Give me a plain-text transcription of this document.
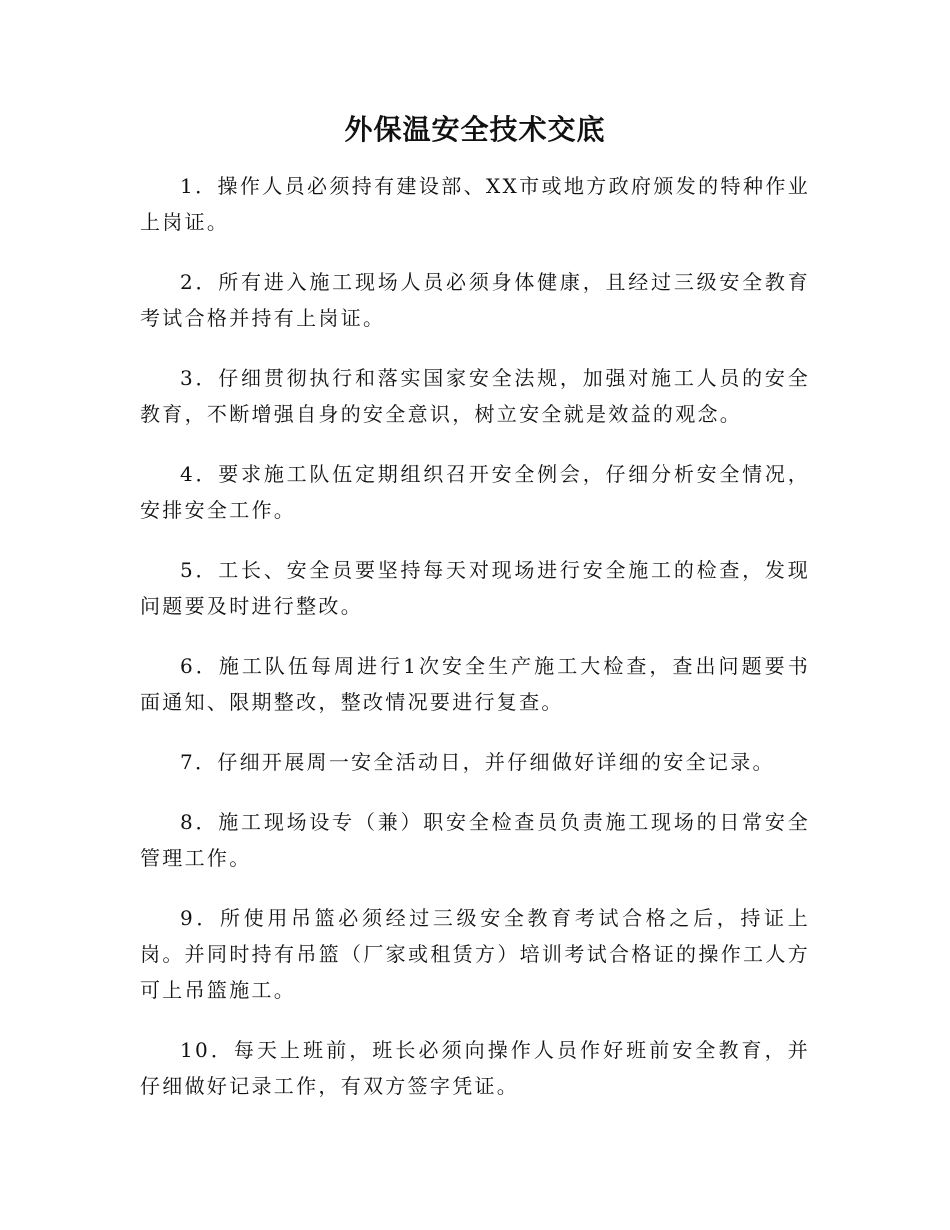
外保温安全技术交底

1．操作人员必须持有建设部、XX市或地方政府颁发的特种作业上岗证。

2．所有进入施工现场人员必须身体健康，且经过三级安全教育考试合格并持有上岗证。

3．仔细贯彻执行和落实国家安全法规，加强对施工人员的安全教育，不断增强自身的安全意识，树立安全就是效益的观念。

4．要求施工队伍定期组织召开安全例会，仔细分析安全情况，安排安全工作。

5．工长、安全员要坚持每天对现场进行安全施工的检查，发现问题要及时进行整改。

6．施工队伍每周进行1次安全生产施工大检查，查出问题要书面通知、限期整改，整改情况要进行复查。

7．仔细开展周一安全活动日，并仔细做好详细的安全记录。

8．施工现场设专（兼）职安全检查员负责施工现场的日常安全管理工作。

9．所使用吊篮必须经过三级安全教育考试合格之后，持证上岗。并同时持有吊篮（厂家或租赁方）培训考试合格证的操作工人方可上吊篮施工。

10．每天上班前，班长必须向操作人员作好班前安全教育，并仔细做好记录工作，有双方签字凭证。
